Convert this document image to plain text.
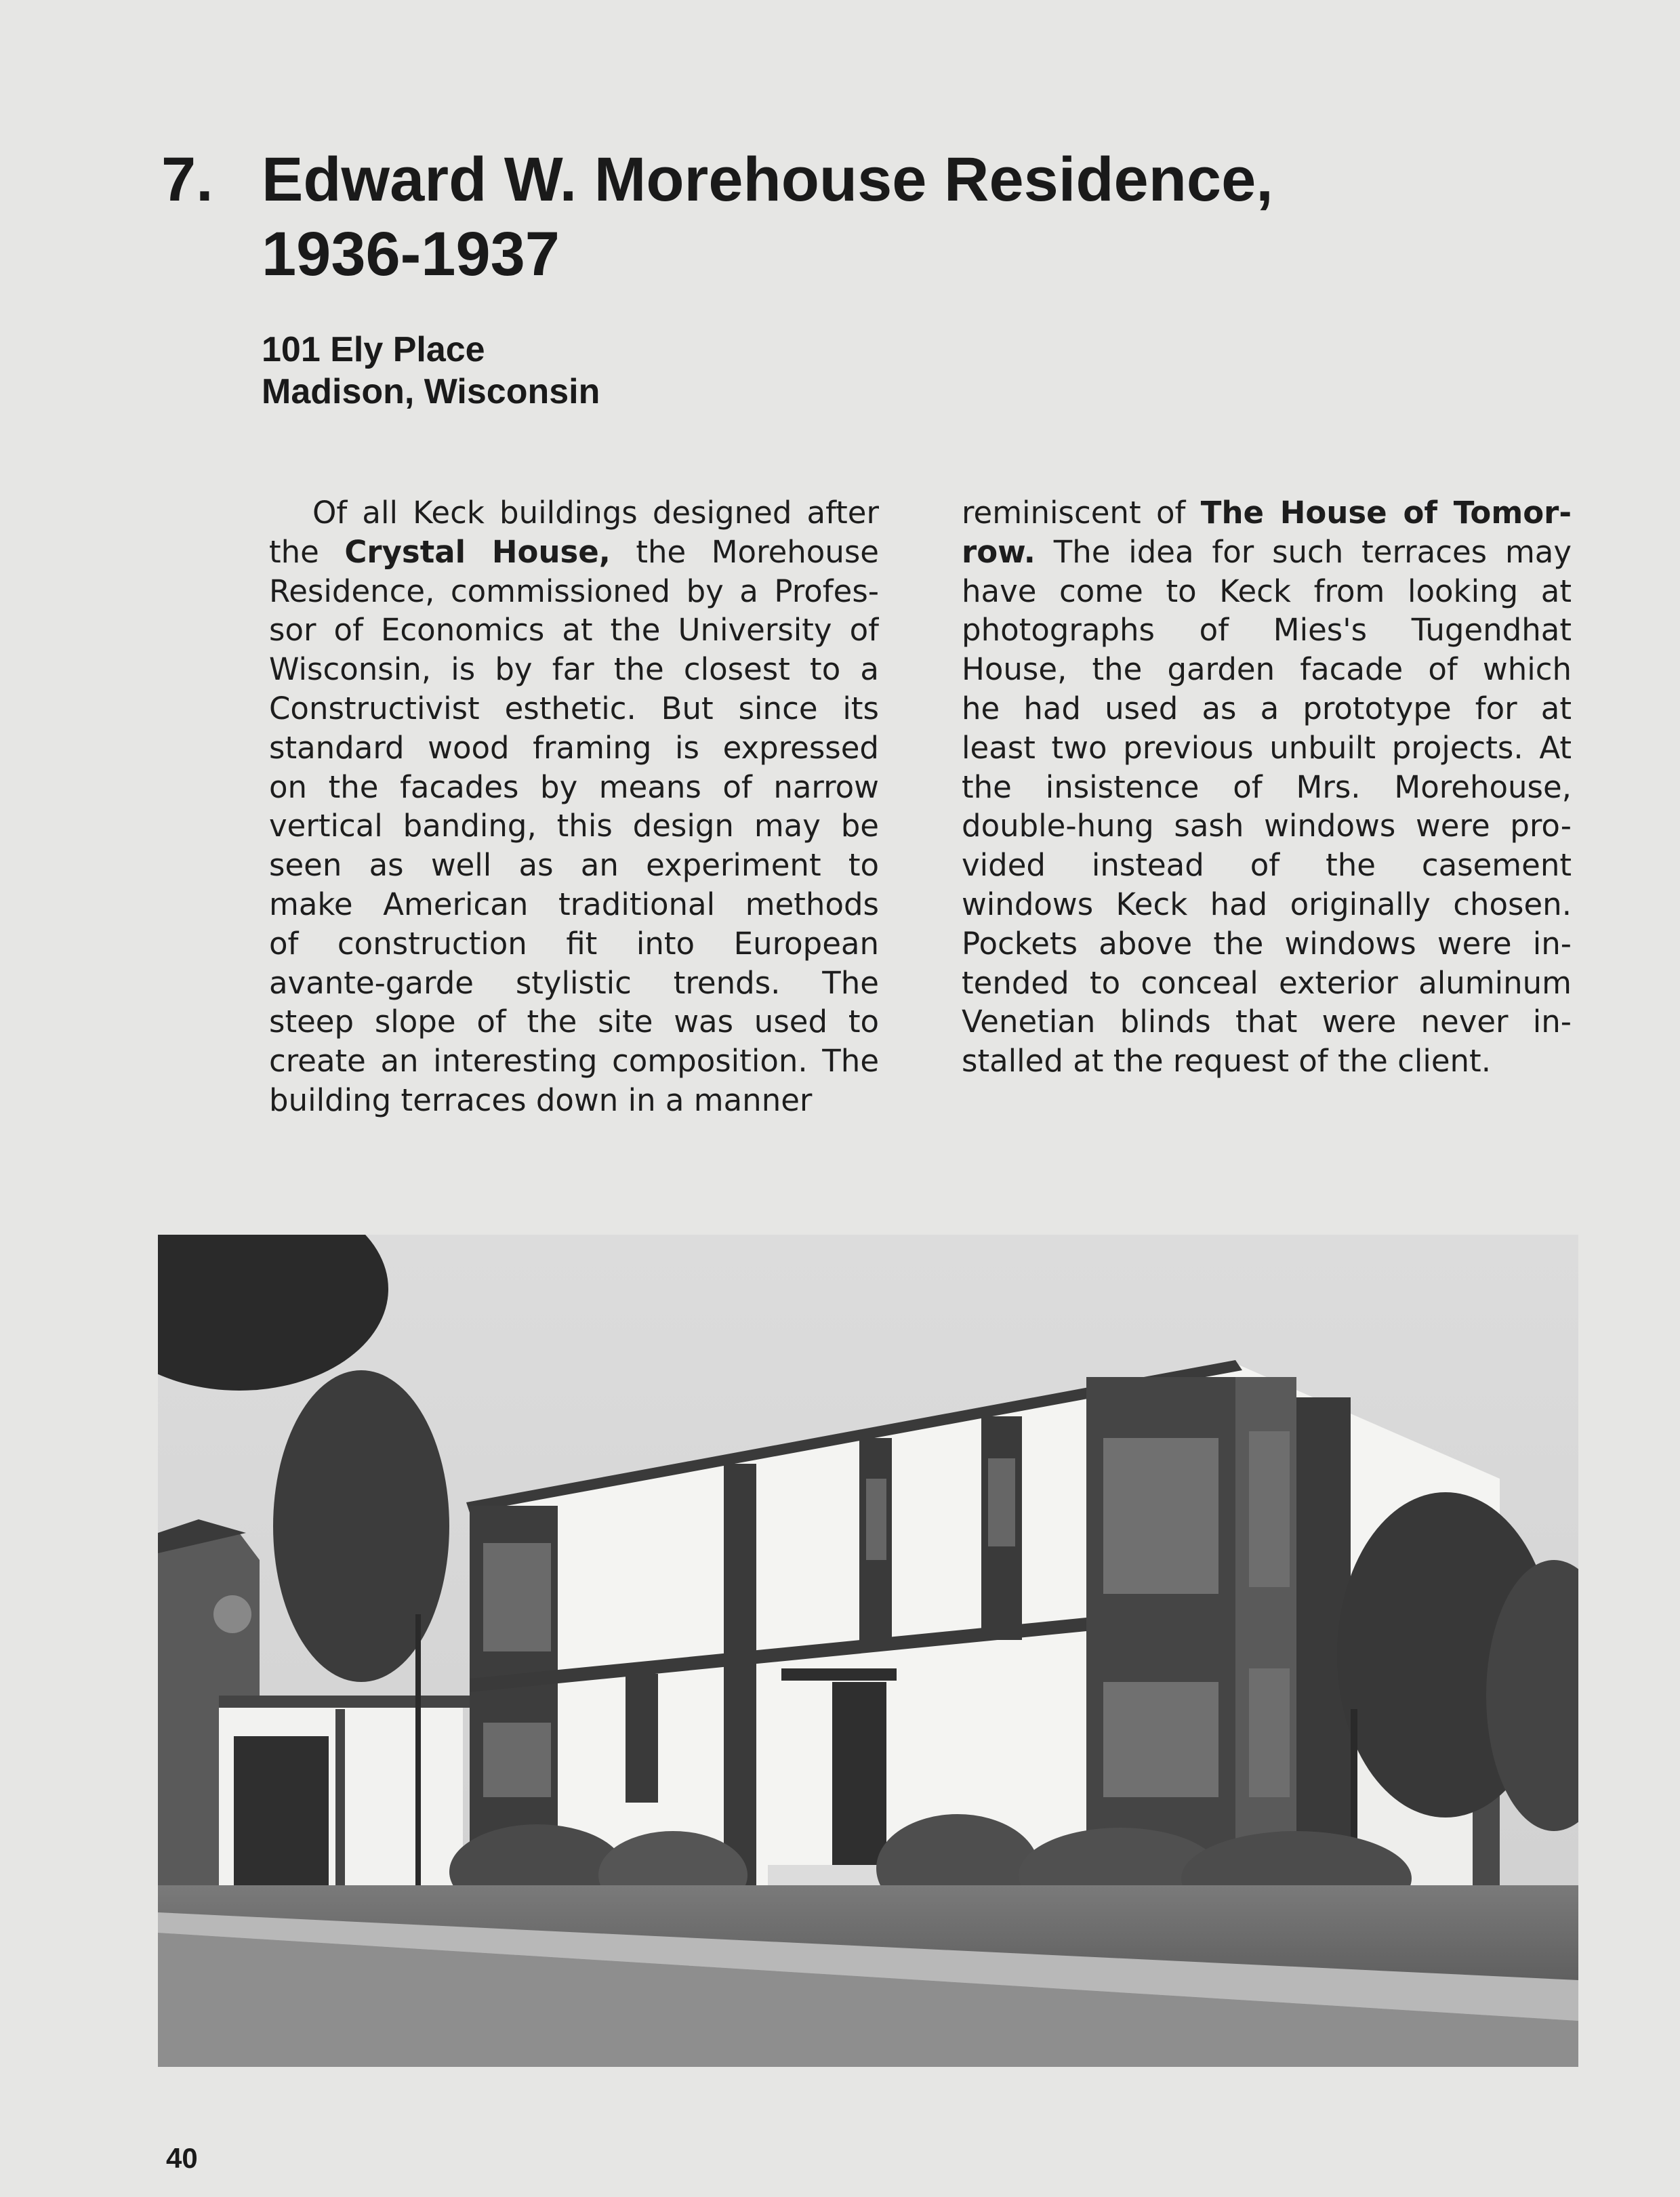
7. Edward W. Morehouse Residence,
1936-1937
101 Ely Place
Madison, Wisconsin
Of all Keck buildings designed after
the Crystal House, the Morehouse
Residence, commissioned by a Profes-
sor of Economics at the University of
Wisconsin, is by far the closest to a
Constructivist esthetic. But since its
standard wood framing is expressed
on the facades by means of narrow
vertical banding, this design may be
seen as well as an experiment to
make American traditional methods
of construction fit into European
avante-garde stylistic trends. The
steep slope of the site was used to
create an interesting composition. The
building terraces down in a manner
reminiscent of The House of Tomor-
row. The idea for such terraces may
have come to Keck from looking at
photographs of Mies's Tugendhat
House, the garden facade of which
he had used as a prototype for at
least two previous unbuilt projects. At
the insistence of Mrs. Morehouse,
double-hung sash windows were pro-
vided instead of the casement
windows Keck had originally chosen.
Pockets above the windows were in-
tended to conceal exterior aluminum
Venetian blinds that were never in-
stalled at the request of the client.
40
